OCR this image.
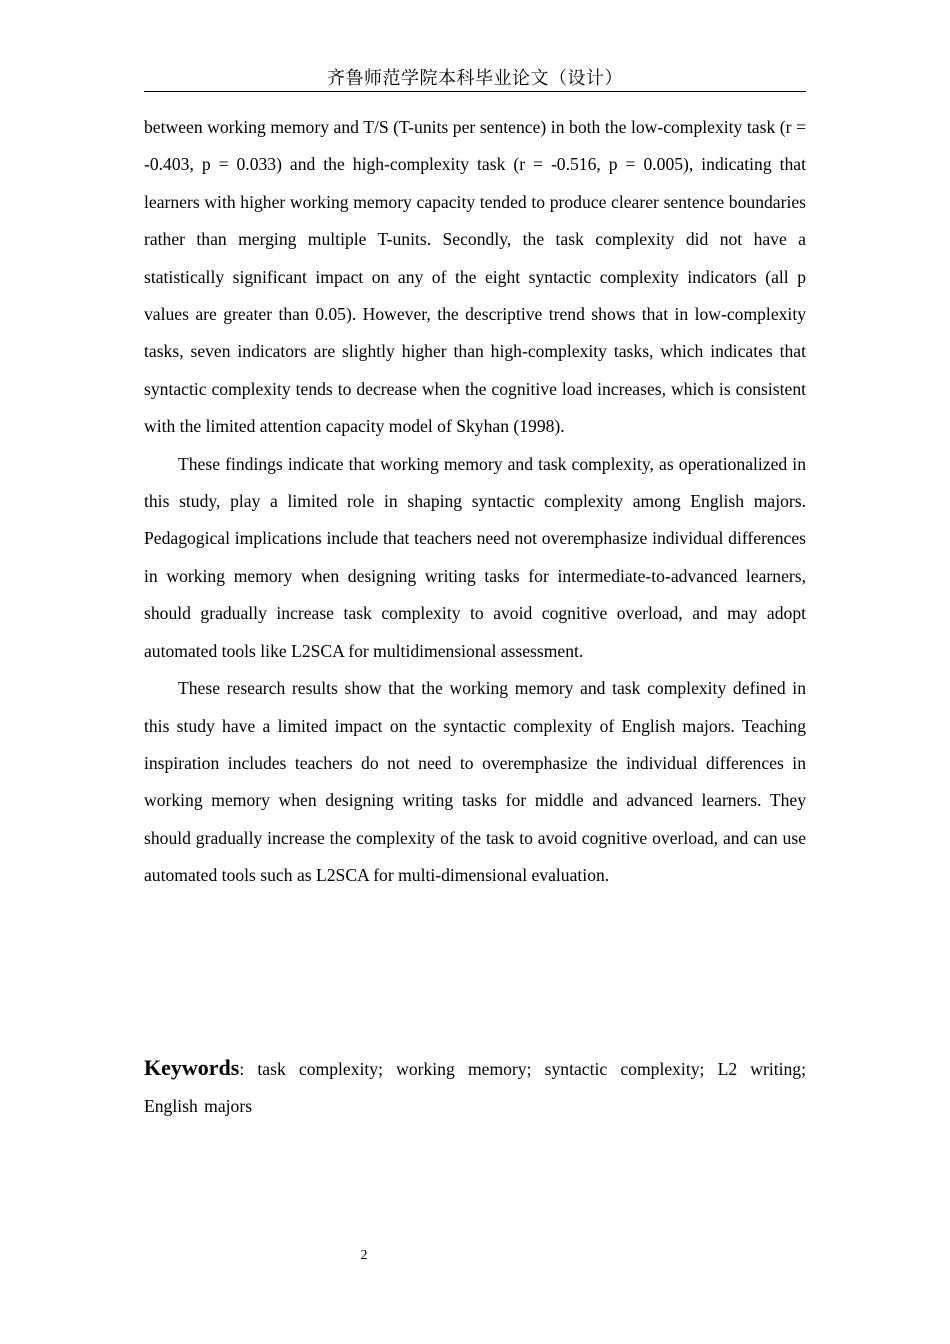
齐鲁师范学院本科毕业论文（设计）

between working memory and T/S (T-units per sentence) in both the low-complexity task (r = -0.403, p = 0.033) and the high-complexity task (r = -0.516, p = 0.005), indicating that learners with higher working memory capacity tended to produce clearer sentence boundaries rather than merging multiple T-units. Secondly, the task complexity did not have a statistically significant impact on any of the eight syntactic complexity indicators (all p values are greater than 0.05). However, the descriptive trend shows that in low-complexity tasks, seven indicators are slightly higher than high-complexity tasks, which indicates that syntactic complexity tends to decrease when the cognitive load increases, which is consistent with the limited attention capacity model of Skyhan (1998).

These findings indicate that working memory and task complexity, as operationalized in this study, play a limited role in shaping syntactic complexity among English majors. Pedagogical implications include that teachers need not overemphasize individual differences in working memory when designing writing tasks for intermediate-to-advanced learners, should gradually increase task complexity to avoid cognitive overload, and may adopt automated tools like L2SCA for multidimensional assessment.

These research results show that the working memory and task complexity defined in this study have a limited impact on the syntactic complexity of English majors. Teaching inspiration includes teachers do not need to overemphasize the individual differences in working memory when designing writing tasks for middle and advanced learners. They should gradually increase the complexity of the task to avoid cognitive overload, and can use automated tools such as L2SCA for multi-dimensional evaluation.

Keywords: task complexity; working memory; syntactic complexity; L2 writing; English majors

2
